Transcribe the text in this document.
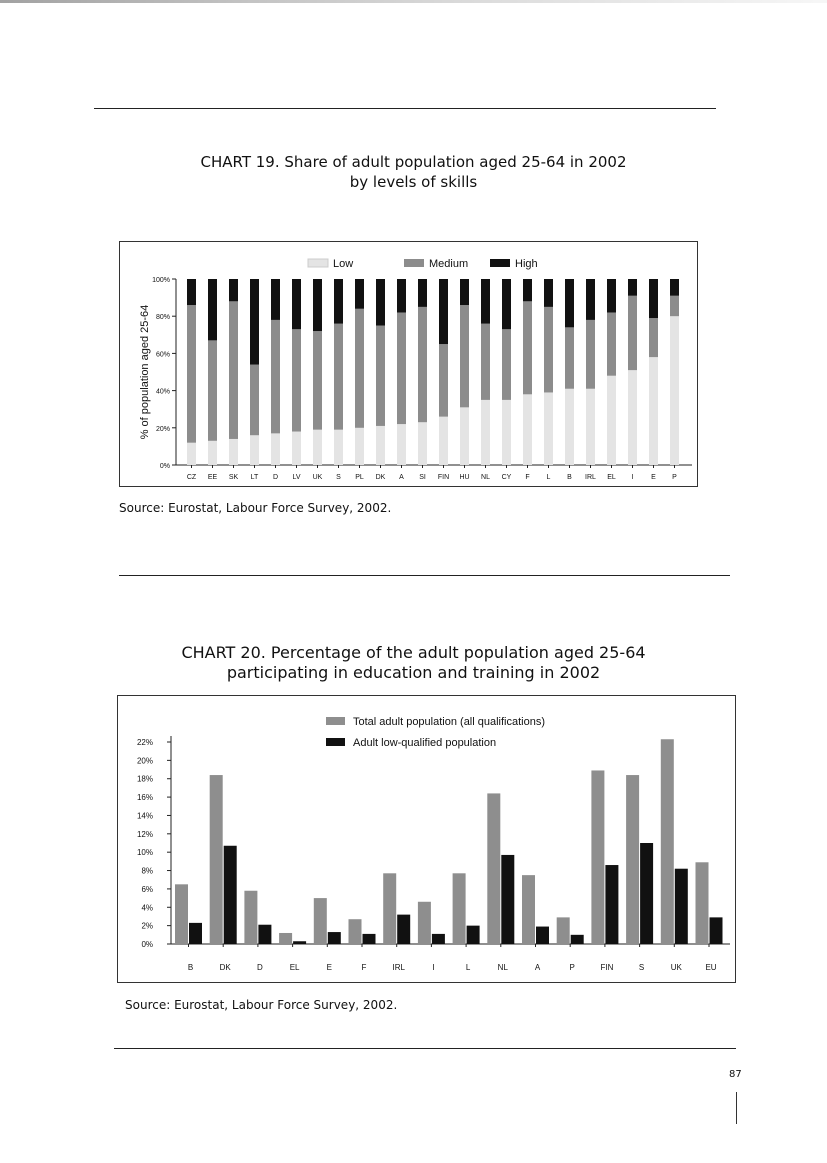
CHART 19. Share of adult population aged 25-64 in 2002
by levels of skills
Low	Medium	High
0%
20%
40%
60%
80%
100%
% of population aged 25-64
CZ EE SK LT D LV UK S PL DK A SI FIN HU NL CY F L B IRL EL I	E P
Source: Eurostat, Labour Force Survey, 2002.
CHART 20. Percentage of the adult population aged 25-64
participating in education and training in 2002
Total adult population (all qualifications)
Adult low-qualified population
0%
2%
4%
6%
8%
10%
12%
14%
16%
18%
20%
22%
B	DK	D	EL	E	F	IRL	I	L	NL	A	P	FIN	S	UK	EU
Source: Eurostat, Labour Force Survey, 2002.
87
